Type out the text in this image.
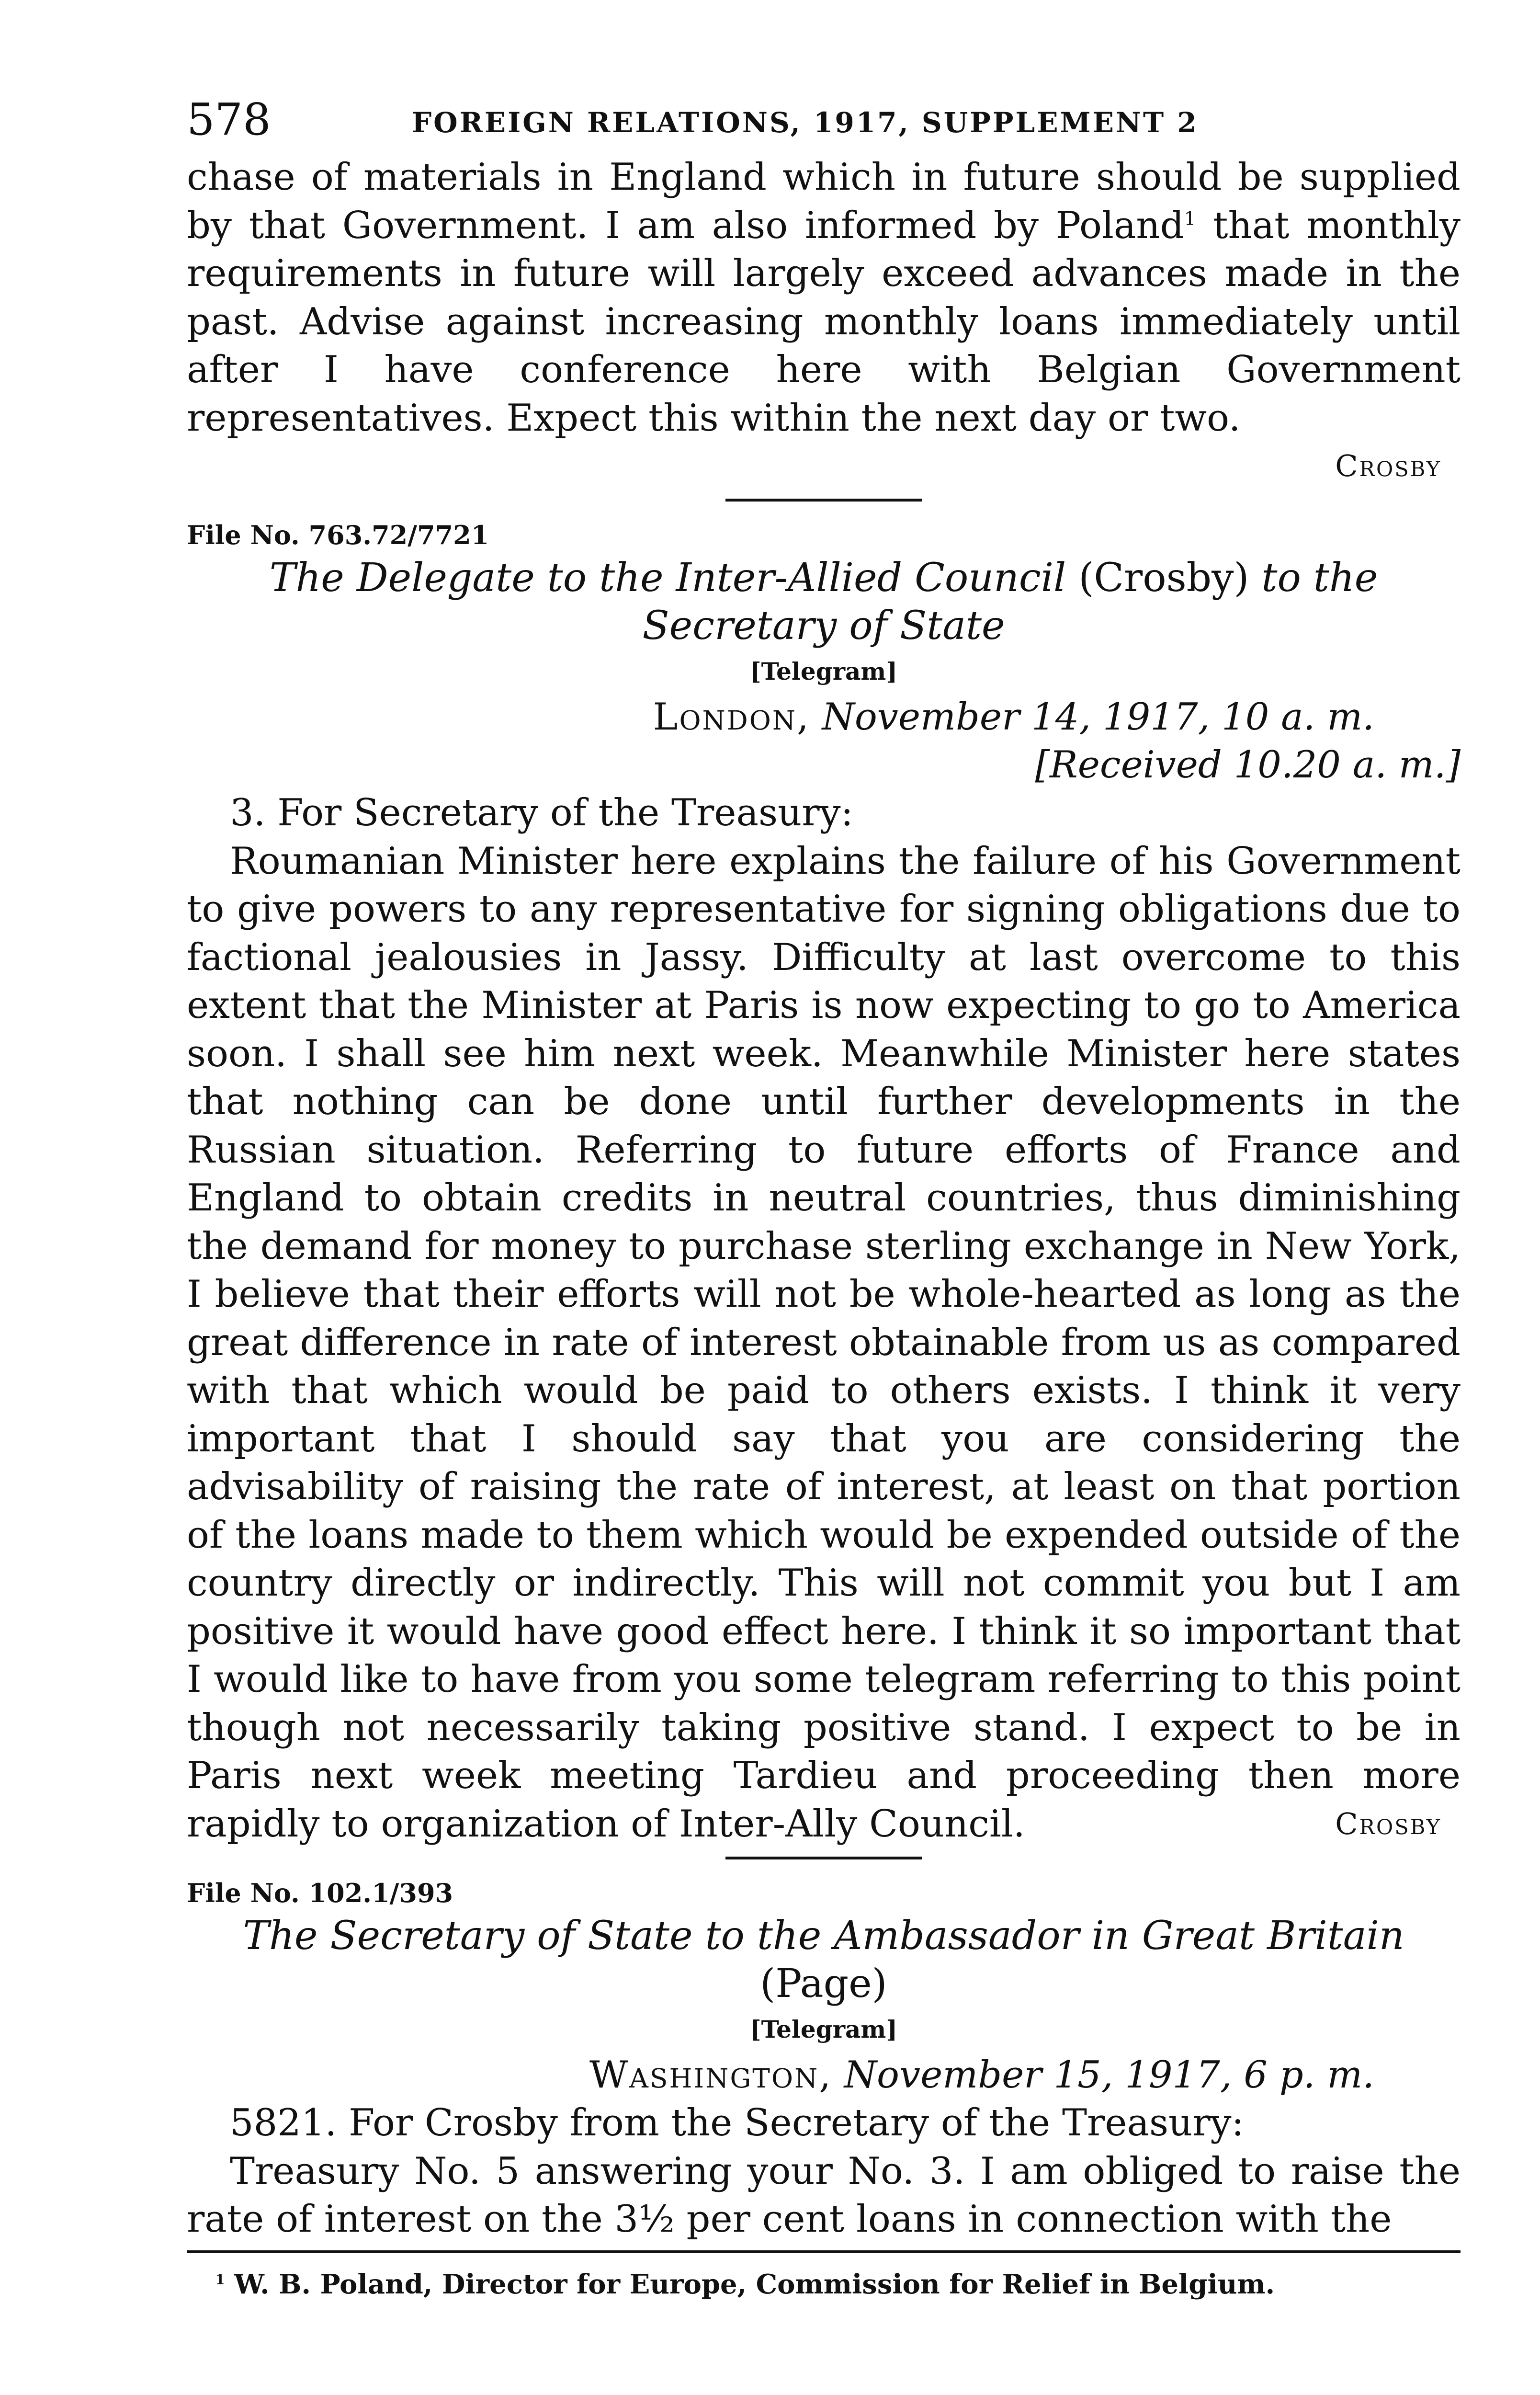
578	FOREIGN RELATIONS, 1917, SUPPLEMENT 2

chase of materials in England which in future should be supplied by that Government. I am also informed by Poland$^1$ that monthly requirements in future will largely exceed advances made in the past. Advise against increasing monthly loans immediately until after I have conference here with Belgian Government representatives. Expect this within the next day or two.

Crosby
File No. 763.72/7721
The Delegate to the Inter-Allied Council (Crosby) to the Secretary of State
[Telegram]
London, November 14, 1917, 10 a. m.
[Received 10.20 a. m.]

3. For Secretary of the Treasury:

Roumanian Minister here explains the failure of his Government to give powers to any representative for signing obligations due to factional jealousies in Jassy. Difficulty at last overcome to this extent that the Minister at Paris is now expecting to go to America soon. I shall see him next week. Meanwhile Minister here states that nothing can be done until further developments in the Russian situation. Referring to future efforts of France and England to obtain credits in neutral countries, thus diminishing the demand for money to purchase sterling exchange in New York, I believe that their efforts will not be whole-hearted as long as the great difference in rate of interest obtainable from us as compared with that which would be paid to others exists. I think it very important that I should say that you are considering the advisability of raising the rate of interest, at least on that portion of the loans made to them which would be expended outside of the country directly or indirectly. This will not commit you but I am positive it would have good effect here. I think it so important that I would like to have from you some telegram referring to this point though not necessarily taking positive stand. I expect to be in Paris next week meeting Tardieu and proceeding then more rapidly to organization of Inter-Ally Council.	Crosby
File No. 102.1/393
The Secretary of State to the Ambassador in Great Britain (Page)
[Telegram]
Washington, November 15, 1917, 6 p. m.

5821. For Crosby from the Secretary of the Treasury:

Treasury No. 5 answering your No. 3. I am obliged to raise the rate of interest on the 3½ per cent loans in connection with the

$^1$ W. B. Poland, Director for Europe, Commission for Relief in Belgium.
